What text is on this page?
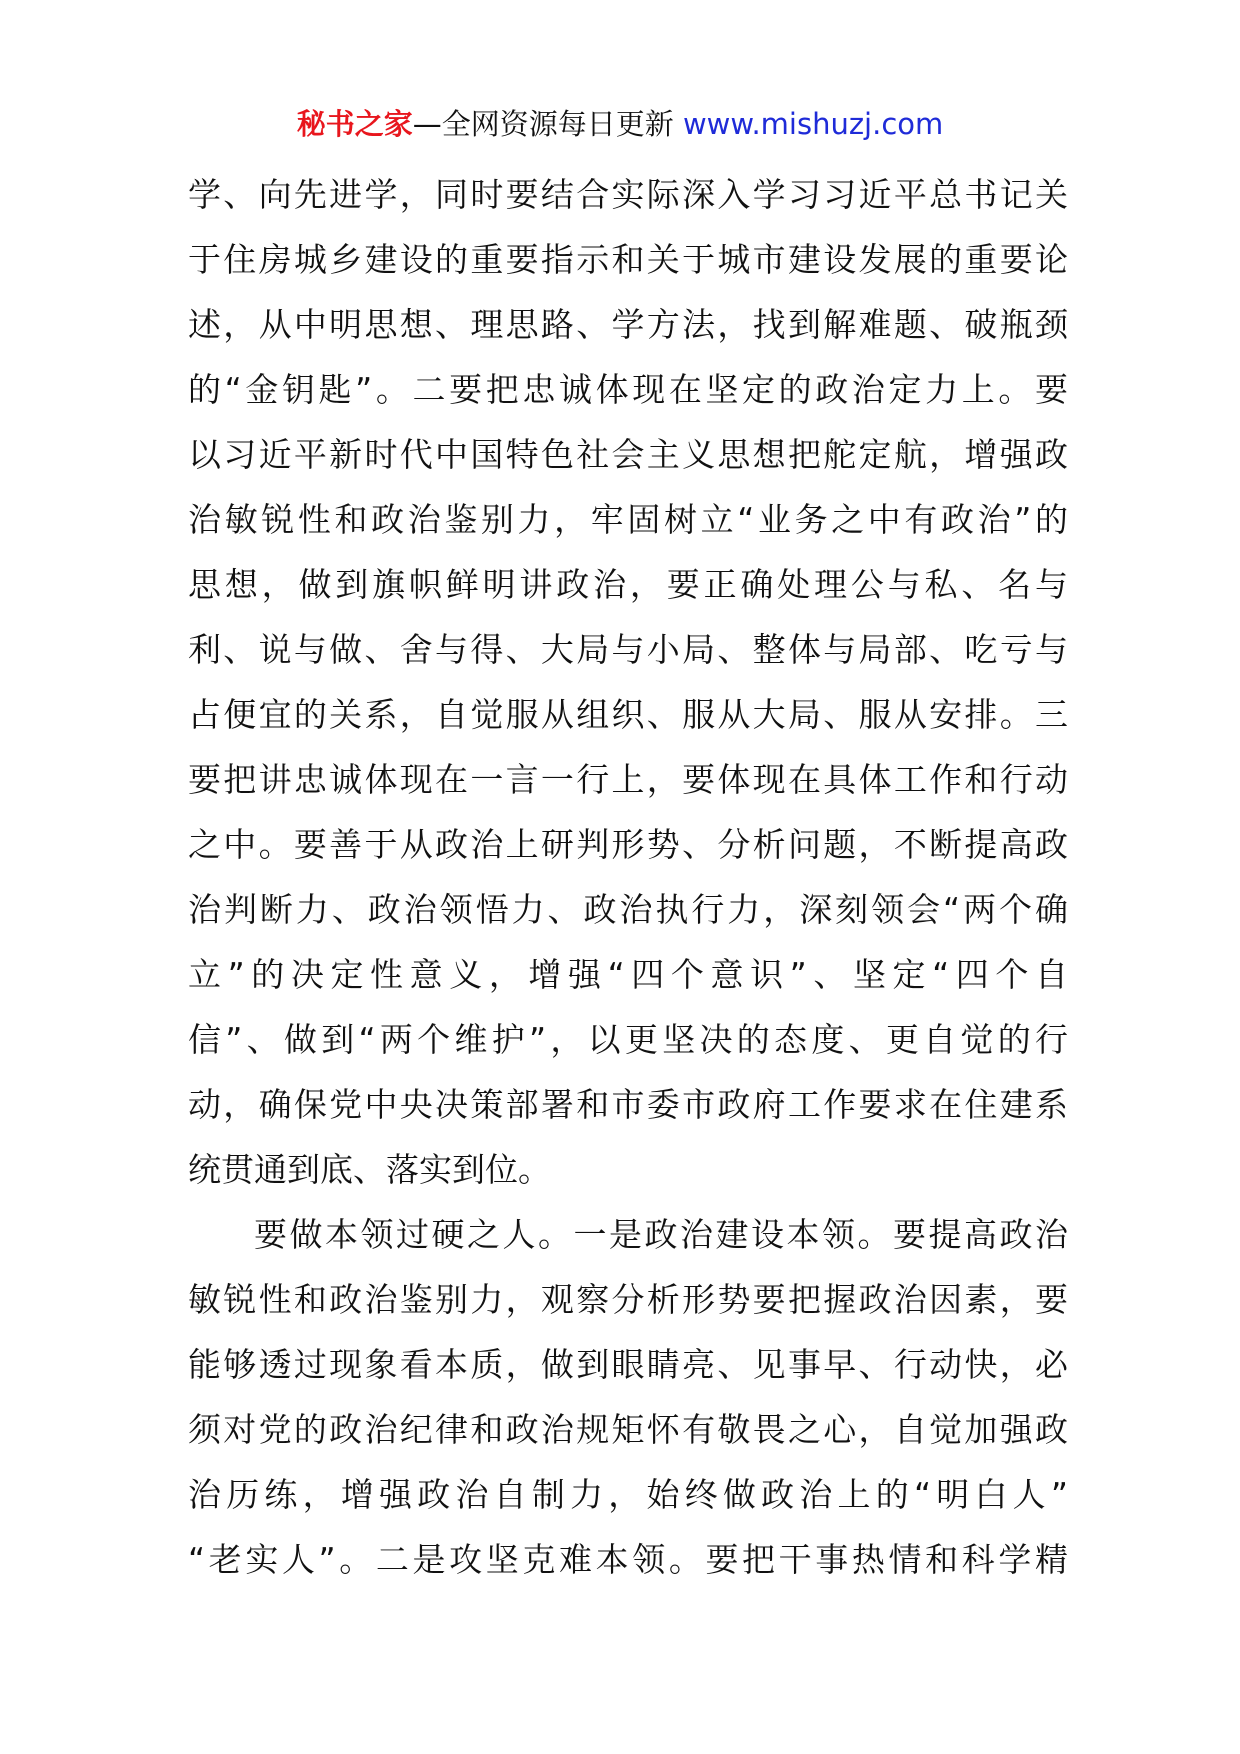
秘书之家—全网资源每日更新 www.mishuzj.com
学、向先进学，同时要结合实际深入学习习近平总书记关
于住房城乡建设的重要指示和关于城市建设发展的重要论
述，从中明思想、理思路、学方法，找到解难题、破瓶颈
的“金钥匙”。二要把忠诚体现在坚定的政治定力上。要
以习近平新时代中国特色社会主义思想把舵定航，增强政
治敏锐性和政治鉴别力，牢固树立“业务之中有政治”的
思想，做到旗帜鲜明讲政治，要正确处理公与私、名与
利、说与做、舍与得、大局与小局、整体与局部、吃亏与
占便宜的关系，自觉服从组织、服从大局、服从安排。三
要把讲忠诚体现在一言一行上，要体现在具体工作和行动
之中。要善于从政治上研判形势、分析问题，不断提高政
治判断力、政治领悟力、政治执行力，深刻领会“两个确
立”的决定性意义，增强“四个意识”、坚定“四个自
信”、做到“两个维护”，以更坚决的态度、更自觉的行
动，确保党中央决策部署和市委市政府工作要求在住建系
统贯通到底、落实到位。
要做本领过硬之人。一是政治建设本领。要提高政治
敏锐性和政治鉴别力，观察分析形势要把握政治因素，要
能够透过现象看本质，做到眼睛亮、见事早、行动快，必
须对党的政治纪律和政治规矩怀有敬畏之心，自觉加强政
治历练，增强政治自制力，始终做政治上的“明白人”
“老实人”。二是攻坚克难本领。要把干事热情和科学精
